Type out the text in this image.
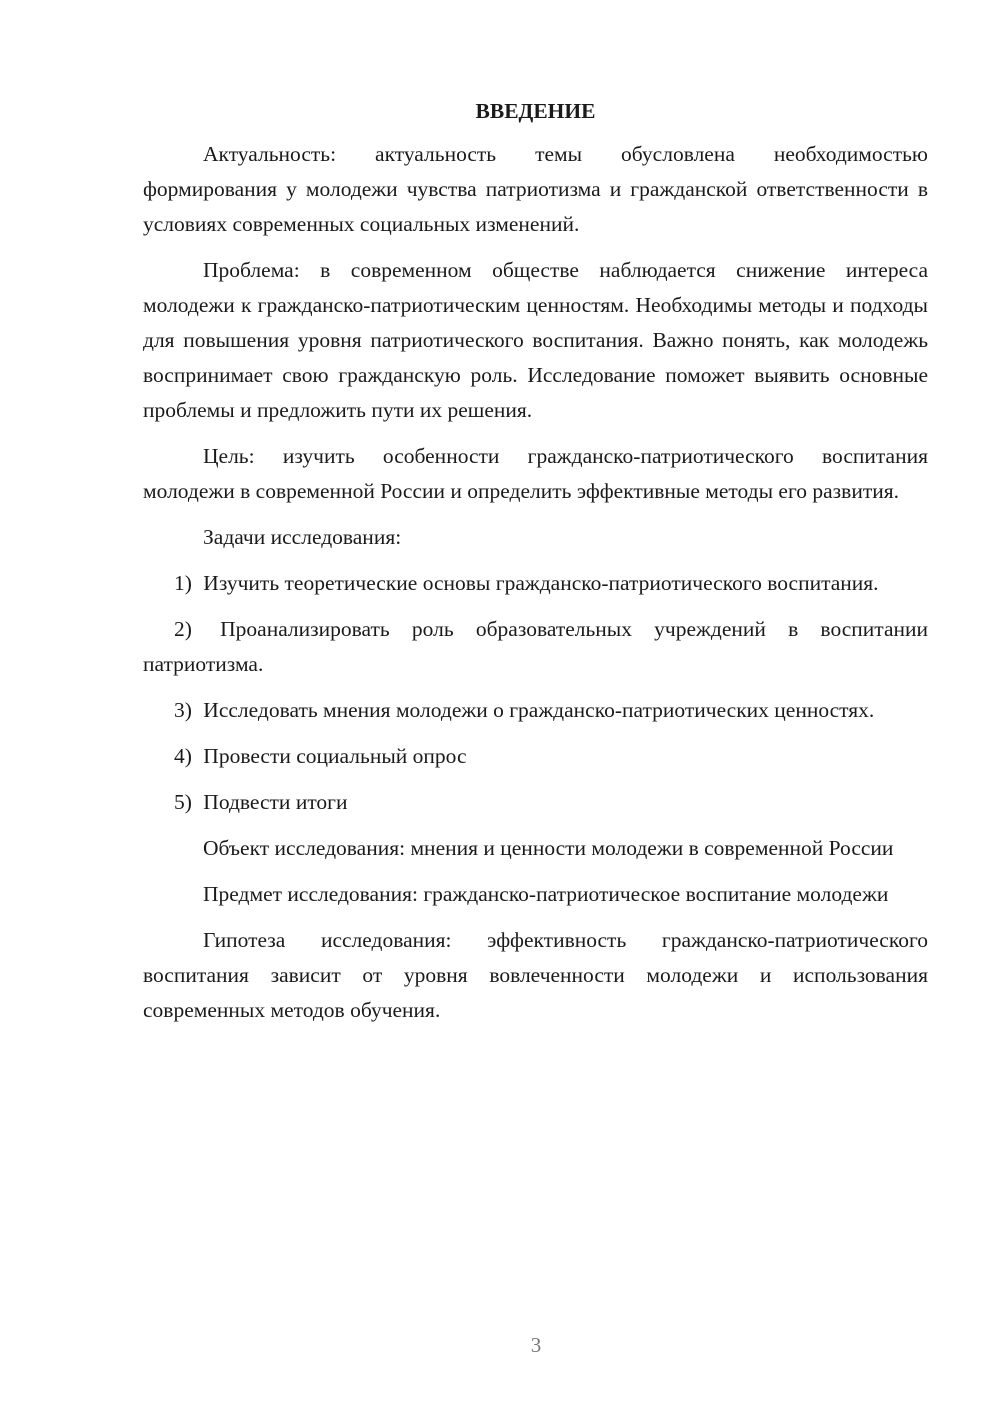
ВВЕДЕНИЕ

Актуальность: актуальность темы обусловлена необходимостью формирования у молодежи чувства патриотизма и гражданской ответственности в условиях современных социальных изменений.

Проблема: в современном обществе наблюдается снижение интереса молодежи к гражданско-патриотическим ценностям. Необходимы методы и подходы для повышения уровня патриотического воспитания. Важно понять, как молодежь воспринимает свою гражданскую роль. Исследование поможет выявить основные проблемы и предложить пути их решения.

Цель: изучить особенности гражданско-патриотического воспитания молодежи в современной России и определить эффективные методы его развития.

Задачи исследования:

1) Изучить теоретические основы гражданско-патриотического воспитания.

2) Проанализировать роль образовательных учреждений в воспитании патриотизма.

3) Исследовать мнения молодежи о гражданско-патриотических ценностях.

4) Провести социальный опрос

5) Подвести итоги

Объект исследования: мнения и ценности молодежи в современной России

Предмет исследования: гражданско-патриотическое воспитание молодежи

Гипотеза исследования: эффективность гражданско-патриотического воспитания зависит от уровня вовлеченности молодежи и использования современных методов обучения.

3
